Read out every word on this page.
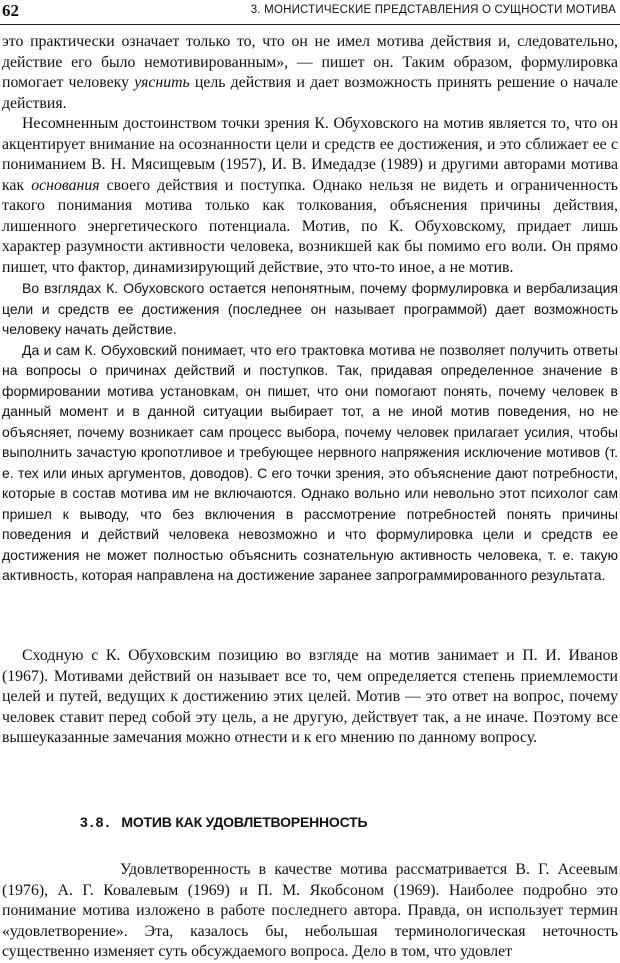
62	3. МОНИСТИЧЕСКИЕ ПРЕДСТАВЛЕНИЯ О СУЩНОСТИ МОТИВА

это практически означает только то, что он не имел мотива действия и, следовательно, действие его было немотивированным», — пишет он. Таким образом, формулировка помогает человеку уяснить цель действия и дает возможность принять решение о начале действия.

Несомненным достоинством точки зрения К. Обуховского на мотив является то, что он акцентирует внимание на осознанности цели и средств ее достижения, и это сближает ее с пониманием В. Н. Мясищевым (1957), И. В. Имедадзе (1989) и другими авторами мотива как основания своего действия и поступка. Однако нельзя не видеть и ограниченность такого понимания мотива только как толкования, объяснения причины действия, лишенного энергетического потенциала. Мотив, по К. Обуховскому, придает лишь характер разумности активности человека, возникшей как бы помимо его воли. Он прямо пишет, что фактор, динамизирующий действие, это что-то иное, а не мотив.

Во взглядах К. Обуховского остается непонятным, почему формулировка и вербализация цели и средств ее достижения (последнее он называет программой) дает возможность человеку начать действие.

Да и сам К. Обуховский понимает, что его трактовка мотива не позволяет получить ответы на вопросы о причинах действий и поступков. Так, придавая определенное значение в формировании мотива установкам, он пишет, что они помогают понять, почему человек в данный момент и в данной ситуации выбирает тот, а не иной мотив поведения, но не объясняет, почему возникает сам процесс выбора, почему человек прилагает усилия, чтобы выполнить зачастую кропотливое и требующее нервного напряжения исключение мотивов (т. е. тех или иных аргументов, доводов). С его точки зрения, это объяснение дают потребности, которые в состав мотива им не включаются. Однако вольно или невольно этот психолог сам пришел к выводу, что без включения в рассмотрение потребностей понять причины поведения и действий человека невозможно и что формулировка цели и средств ее достижения не может полностью объяснить сознательную активность человека, т. е. такую активность, которая направлена на достижение заранее запрограммированного результата.

Сходную с К. Обуховским позицию во взгляде на мотив занимает и П. И. Иванов (1967). Мотивами действий он называет все то, чем определяется степень приемлемости целей и путей, ведущих к достижению этих целей. Мотив — это ответ на вопрос, почему человек ставит перед собой эту цель, а не другую, действует так, а не иначе. Поэтому все вышеуказанные замечания можно отнести и к его мнению по данному вопросу.

3.8. МОТИВ КАК УДОВЛЕТВОРЕННОСТЬ

Удовлетворенность в качестве мотива рассматривается В. Г. Асеевым (1976), А. Г. Ковалевым (1969) и П. М. Якобсоном (1969). Наиболее подробно это понимание мотива изложено в работе последнего автора. Правда, он использует термин «удовлетворение». Эта, казалось бы, небольшая терминологическая неточность существенно изменяет суть обсуждаемого вопроса. Дело в том, что удовлет
